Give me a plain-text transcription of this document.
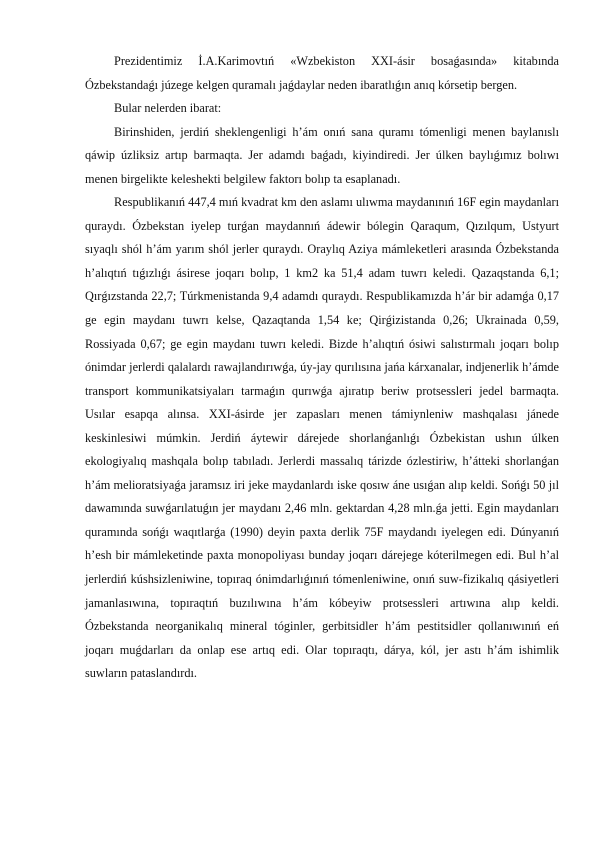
Prezidentimiz İ.A.Karimovtıń «Wzbekiston XXI-ásir bosaǵasında» kitabında Ózbekstandaǵı júzege kelgen quramalı jaǵdaylar neden ibaratlıǵın anıq kórsetip bergen.

Bular nelerden ibarat:

Birinshiden, jerdiń sheklengenligi h’ám onıń sana quramı tómenligi menen baylanıslı qáwip úzliksiz artıp barmaqta. Jer adamdı baǵadı, kiyindiredi. Jer úlken baylıǵımız bolıwı menen birgelikte keleshekti belgilew faktorı bolıp ta esaplanadı.

Respublikanıń 447,4 mıń kvadrat km den aslamı ulıwma maydanınıń 16F egin maydanları quraydı. Ózbekstan iyelep turǵan maydannıń ádewir bólegin Qaraqum, Qızılqum, Ustyurt sıyaqlı shól h’ám yarım shól jerler quraydı. Oraylıq Aziya mámleketleri arasında Ózbekstanda h’alıqtıń tıǵızlıǵı ásirese joqarı bolıp, 1 km2 ka 51,4 adam tuwrı keledi. Qazaqstanda 6,1; Qırǵızstanda 22,7; Túrkmenistanda 9,4 adamdı quraydı. Respublikamızda h’ár bir adamǵa 0,17 ge egin maydanı tuwrı kelse, Qazaqtanda 1,54 ke; Qirǵizistanda 0,26; Ukrainada 0,59, Rossiyada 0,67; ge egin maydanı tuwrı keledi. Bizde h’alıqtıń ósiwi salıstırmalı joqarı bolıp ónimdar jerlerdi qalalardı rawajlandırıwǵa, úy-jay qurılısına jańa kárxanalar, indjenerlik h’ámde transport kommunikatsiyaları tarmaǵın qurıwǵa ajıratıp beriw protsessleri jedel barmaqta. Usılar esapqa alınsa. XXI-ásirde jer zapasları menen támiynleniw mashqalası jánede keskinlesiwi múmkin. Jerdiń áytewir dárejede shorlanǵanlıǵı Ózbekistan ushın úlken ekologiyalıq mashqala bolıp tabıladı. Jerlerdi massalıq tárizde ózlestiriw, h’átteki shorlanǵan h’ám melioratsiyaǵa jaramsız iri jeke maydanlardı iske qosıw áne usıǵan alıp keldi. Sońǵı 50 jıl dawamında suwǵarılatuǵın jer maydanı 2,46 mln. gektardan 4,28 mln.ǵa jetti. Egin maydanları quramında sońǵı waqıtlarǵa (1990) deyin paxta derlik 75F maydandı iyelegen edi. Dúnyanıń h’esh bir mámleketinde paxta monopoliyası bunday joqarı dárejege kóterilmegen edi. Bul h’al jerlerdiń kúshsizleniwine, topıraq ónimdarlıǵınıń tómenleniwine, onıń suw-fizikalıq qásiyetleri jamanlasıwına, topıraqtıń buzılıwına h’ám kóbeyiw protsessleri artıwına alıp keldi. Ózbekstanda neorganikalıq mineral tóginler, gerbitsidler h’ám pestitsidler qollanıwınıń eń joqarı muǵdarları da onlap ese artıq edi. Olar topıraqtı, dárya, kól, jer astı h’ám ishimlik suwların pataslandırdı.
